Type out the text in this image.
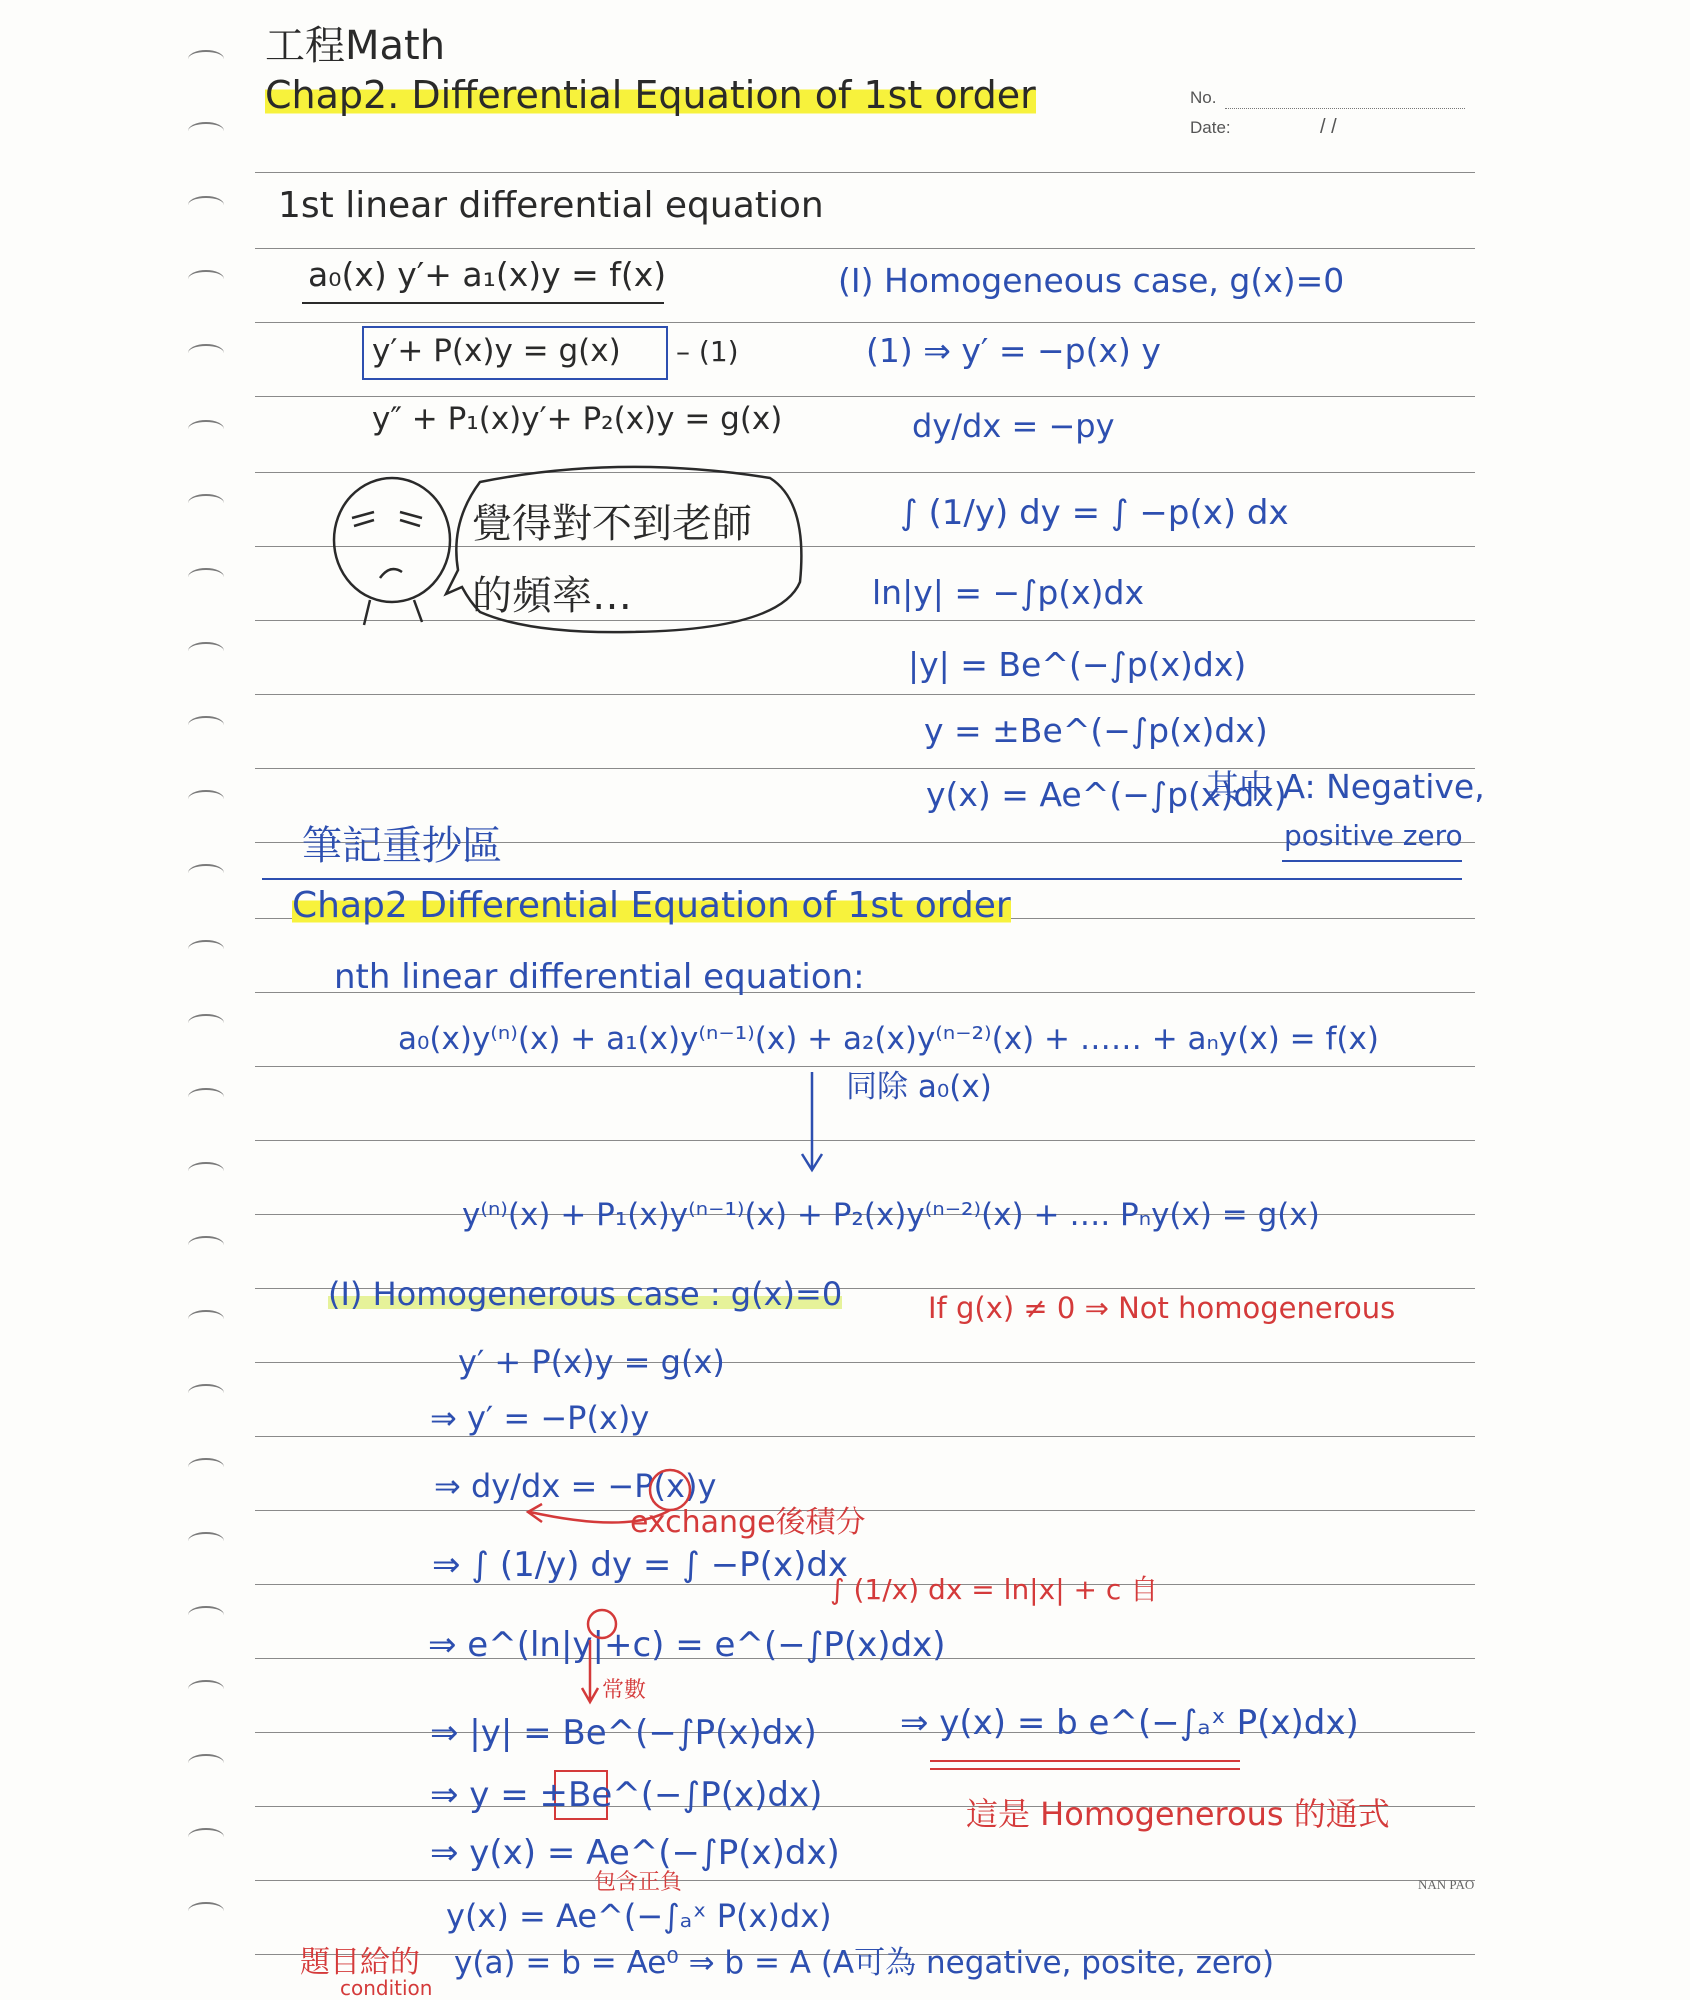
工程Math
Chap2. Differential Equation of 1st order	No.
Date:	/ /
1st linear differential equation
a₀(x) y′+ a₁(x)y = f(x)
y′+ P(x)y = g(x) – (1)
y″ + P₁(x)y′+ P₂(x)y = g(x)
覺得對不到老師
的頻率…
(I) Homogeneous case, g(x)=0
(1) ⇒ y′ = −p(x) y
dy/dx = −py
∫ (1/y) dy = ∫ −p(x) dx
ln|y| = −∫p(x)dx
|y| = Be^(−∫p(x)dx)
y = ±Be^(−∫p(x)dx)
y(x) = Ae^(−∫p(x)dx)
其中 A: Negative,
positive zero
筆記重抄區
Chap2 Differential Equation of 1st order
nth linear differential equation:
a₀(x)y⁽ⁿ⁾(x) + a₁(x)y⁽ⁿ⁻¹⁾(x) + a₂(x)y⁽ⁿ⁻²⁾(x) + …… + aₙy(x) = f(x)
同除 a₀(x)
y⁽ⁿ⁾(x) + P₁(x)y⁽ⁿ⁻¹⁾(x) + P₂(x)y⁽ⁿ⁻²⁾(x) + …. Pₙy(x) = g(x)
(I) Homogenerous case : g(x)=0	If g(x) ≠ 0 ⇒ Not homogenerous
y′ + P(x)y = g(x)
⇒ y′ = −P(x)y
⇒ dy/dx = −P(x)y
exchange後積分
⇒ ∫ (1/y) dy = ∫ −P(x)dx
∫ (1/x) dx = ln|x| + c 自
⇒ e^(ln|y|+c) = e^(−∫P(x)dx)
常數
⇒ |y| = Be^(−∫P(x)dx)
⇒ y = ±Be^(−∫P(x)dx)
⇒ y(x) = Ae^(−∫P(x)dx)
包含正負
y(x) = Ae^(−∫ₐˣ P(x)dx)
⇒ y(x) = b e^(−∫ₐˣ P(x)dx)
這是 Homogenerous 的通式
題目給的
condition
y(a) = b = Ae⁰ ⇒ b = A (A可為 negative, posite, zero)
NAN PAO
